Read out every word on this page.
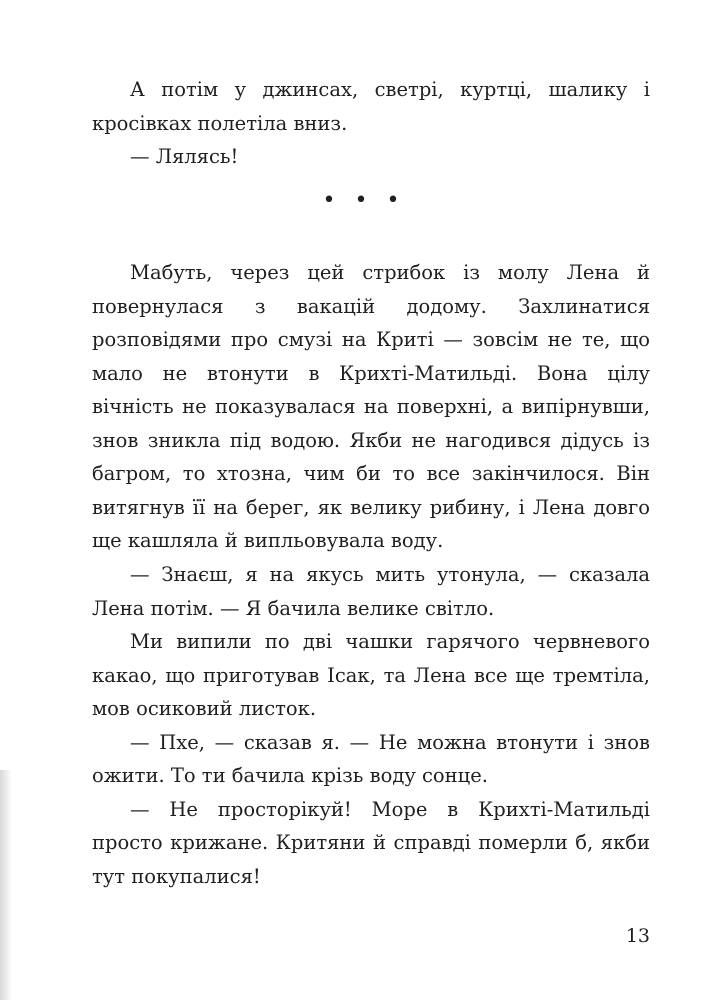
А потім у джинсах, светрі, куртці, шалику і кросівках полетіла вниз.

— Лялясь!

• • •

Мабуть, через цей стрибок із молу Лена й повернулася з вакацій додому. Захлинатися розповідями про смузі на Криті — зовсім не те, що мало не втонути в Крихті-Матильді. Вона цілу вічність не показувалася на поверхні, а випірнувши, знов зникла під водою. Якби не нагодився дідусь із багром, то хтозна, чим би то все закінчилося. Він витягнув її на берег, як велику рибину, і Лена довго ще кашляла й випльовувала воду.

— Знаєш, я на якусь мить утонула, — сказала Лена потім. — Я бачила велике світло.

Ми випили по дві чашки гарячого червневого какао, що приготував Ісак, та Лена все ще тремтіла, мов осиковий листок.

— Пхе, — сказав я. — Не можна втонути і знов ожити. То ти бачила крізь воду сонце.

— Не просторікуй! Море в Крихті-Матильді просто крижане. Критяни й справді померли б, якби тут покупалися!

13
